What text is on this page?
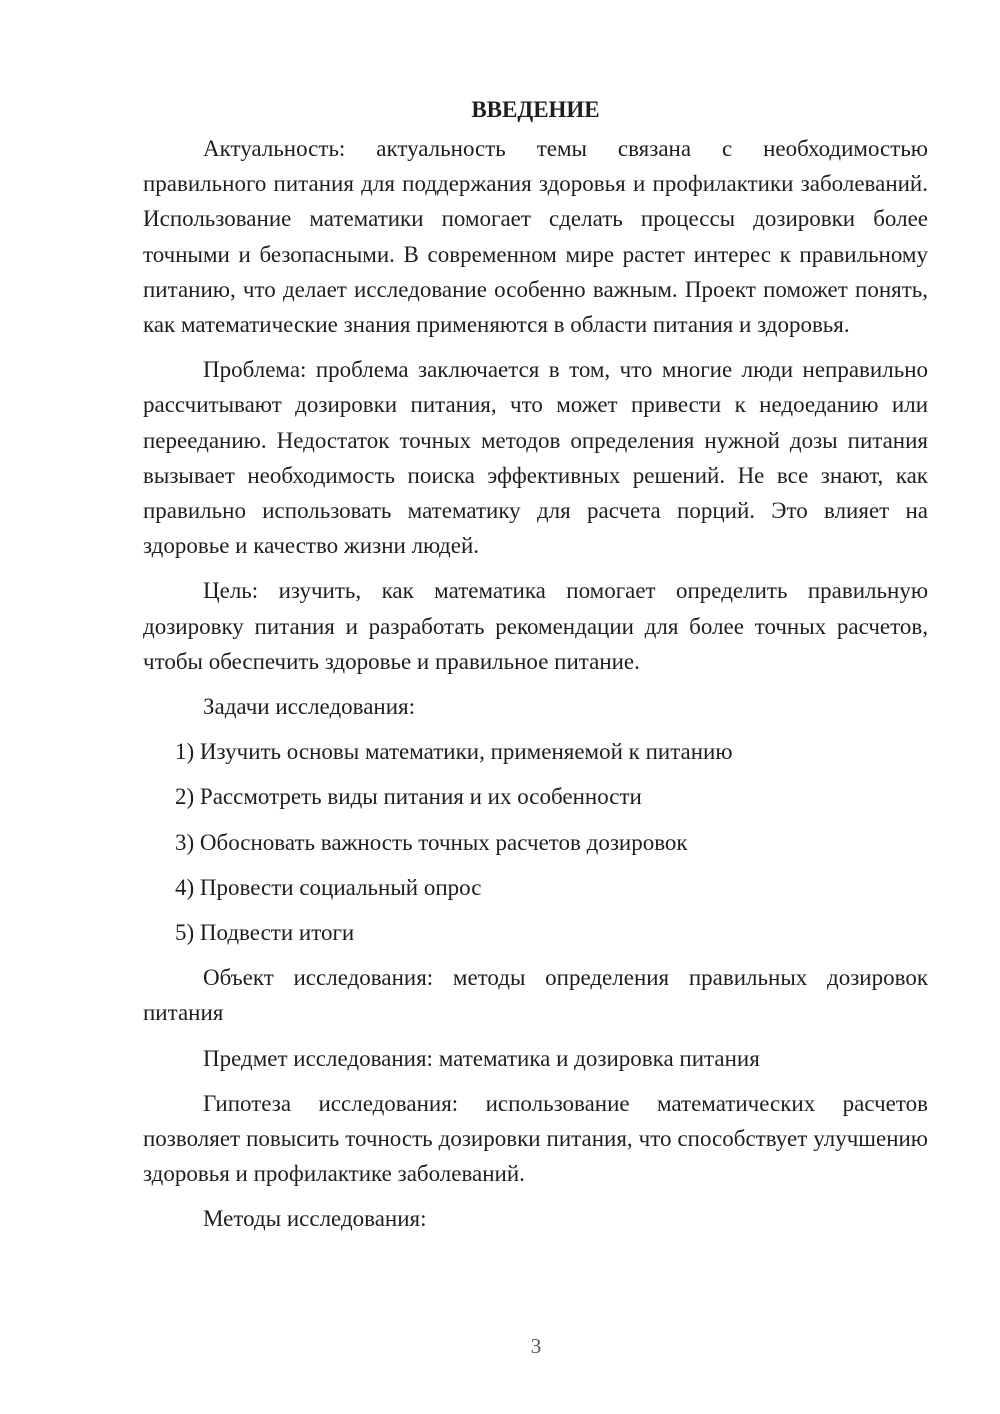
ВВЕДЕНИЕ

Актуальность: актуальность темы связана с необходимостью правильного питания для поддержания здоровья и профилактики заболеваний. Использование математики помогает сделать процессы дозировки более точными и безопасными. В современном мире растет интерес к правильному питанию, что делает исследование особенно важным. Проект поможет понять, как математические знания применяются в области питания и здоровья.

Проблема: проблема заключается в том, что многие люди неправильно рассчитывают дозировки питания, что может привести к недоеданию или перееданию. Недостаток точных методов определения нужной дозы питания вызывает необходимость поиска эффективных решений. Не все знают, как правильно использовать математику для расчета порций. Это влияет на здоровье и качество жизни людей.

Цель: изучить, как математика помогает определить правильную дозировку питания и разработать рекомендации для более точных расчетов, чтобы обеспечить здоровье и правильное питание.

Задачи исследования:

1) Изучить основы математики, применяемой к питанию
2) Рассмотреть виды питания и их особенности
3) Обосновать важность точных расчетов дозировок
4) Провести социальный опрос
5) Подвести итоги

Объект исследования: методы определения правильных дозировок питания

Предмет исследования: математика и дозировка питания

Гипотеза исследования: использование математических расчетов позволяет повысить точность дозировки питания, что способствует улучшению здоровья и профилактике заболеваний.

Методы исследования:

3
